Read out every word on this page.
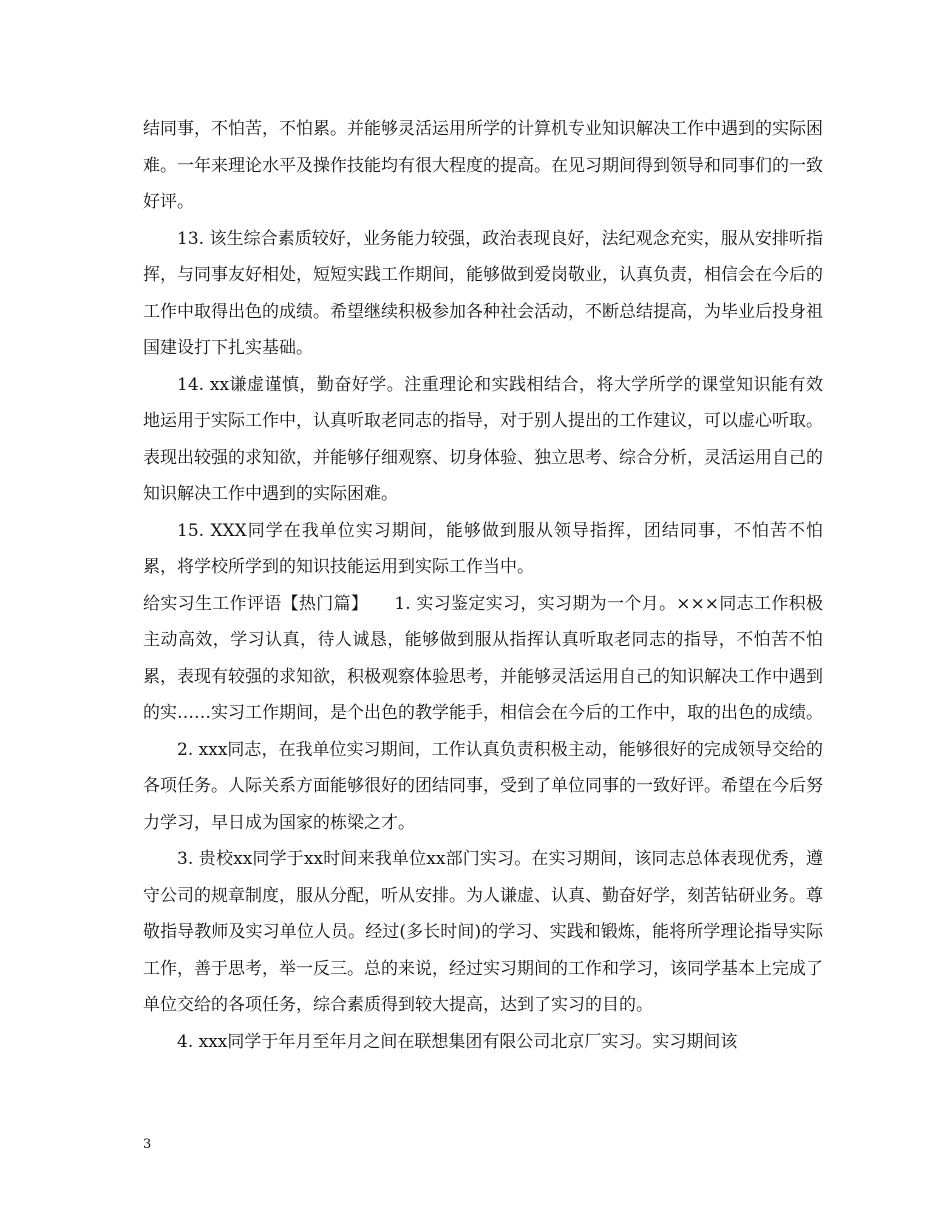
结同事，不怕苦，不怕累。并能够灵活运用所学的计算机专业知识解决工作中遇到的实际困难。一年来理论水平及操作技能均有很大程度的提高。在见习期间得到领导和同事们的一致好评。

13. 该生综合素质较好，业务能力较强，政治表现良好，法纪观念充实，服从安排听指挥，与同事友好相处，短短实践工作期间，能够做到爱岗敬业，认真负责，相信会在今后的工作中取得出色的成绩。希望继续积极参加各种社会活动，不断总结提高，为毕业后投身祖国建设打下扎实基础。

14. xx谦虚谨慎，勤奋好学。注重理论和实践相结合，将大学所学的课堂知识能有效地运用于实际工作中，认真听取老同志的指导，对于别人提出的工作建议，可以虚心听取。表现出较强的求知欲，并能够仔细观察、切身体验、独立思考、综合分析，灵活运用自己的知识解决工作中遇到的实际困难。

15. XXX同学在我单位实习期间，能够做到服从领导指挥，团结同事，不怕苦不怕累，将学校所学到的知识技能运用到实际工作当中。

给实习生工作评语【热门篇】　　1. 实习鉴定实习，实习期为一个月。×××同志工作积极主动高效，学习认真，待人诚恳，能够做到服从指挥认真听取老同志的指导，不怕苦不怕累，表现有较强的求知欲，积极观察体验思考，并能够灵活运用自己的知识解决工作中遇到的实……实习工作期间，是个出色的教学能手，相信会在今后的工作中，取的出色的成绩。

2. xxx同志，在我单位实习期间，工作认真负责积极主动，能够很好的完成领导交给的各项任务。人际关系方面能够很好的团结同事，受到了单位同事的一致好评。希望在今后努力学习，早日成为国家的栋梁之才。

3. 贵校xx同学于xx时间来我单位xx部门实习。在实习期间，该同志总体表现优秀，遵守公司的规章制度，服从分配，听从安排。为人谦虚、认真、勤奋好学，刻苦钻研业务。尊敬指导教师及实习单位人员。经过(多长时间)的学习、实践和锻炼，能将所学理论指导实际工作，善于思考，举一反三。总的来说，经过实习期间的工作和学习，该同学基本上完成了单位交给的各项任务，综合素质得到较大提高，达到了实习的目的。

4. xxx同学于年月至年月之间在联想集团有限公司北京厂实习。实习期间该

3
